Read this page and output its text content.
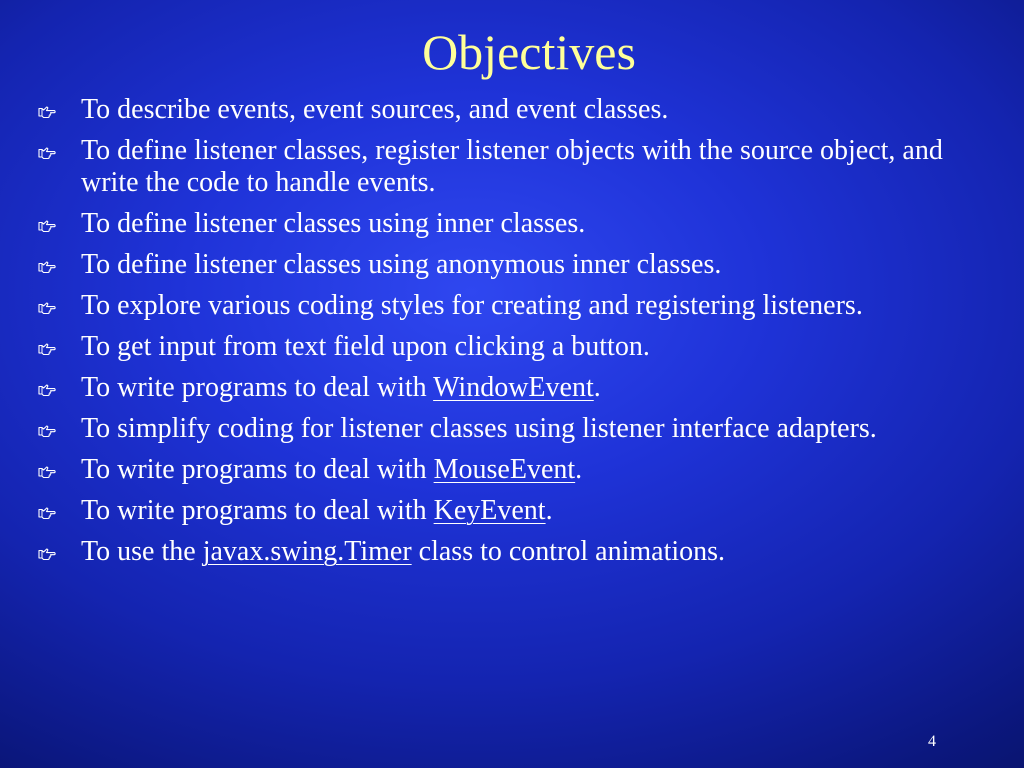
Objectives
To describe events, event sources, and event classes.
To define listener classes, register listener objects with the source object, and write the code to handle events.
To define listener classes using inner classes.
To define listener classes using anonymous inner classes.
To explore various coding styles for creating and registering listeners.
To get input from text field upon clicking a button.
To write programs to deal with WindowEvent.
To simplify coding for listener classes using listener interface adapters.
To write programs to deal with MouseEvent.
To write programs to deal with KeyEvent.
To use the javax.swing.Timer class to control animations.
4
